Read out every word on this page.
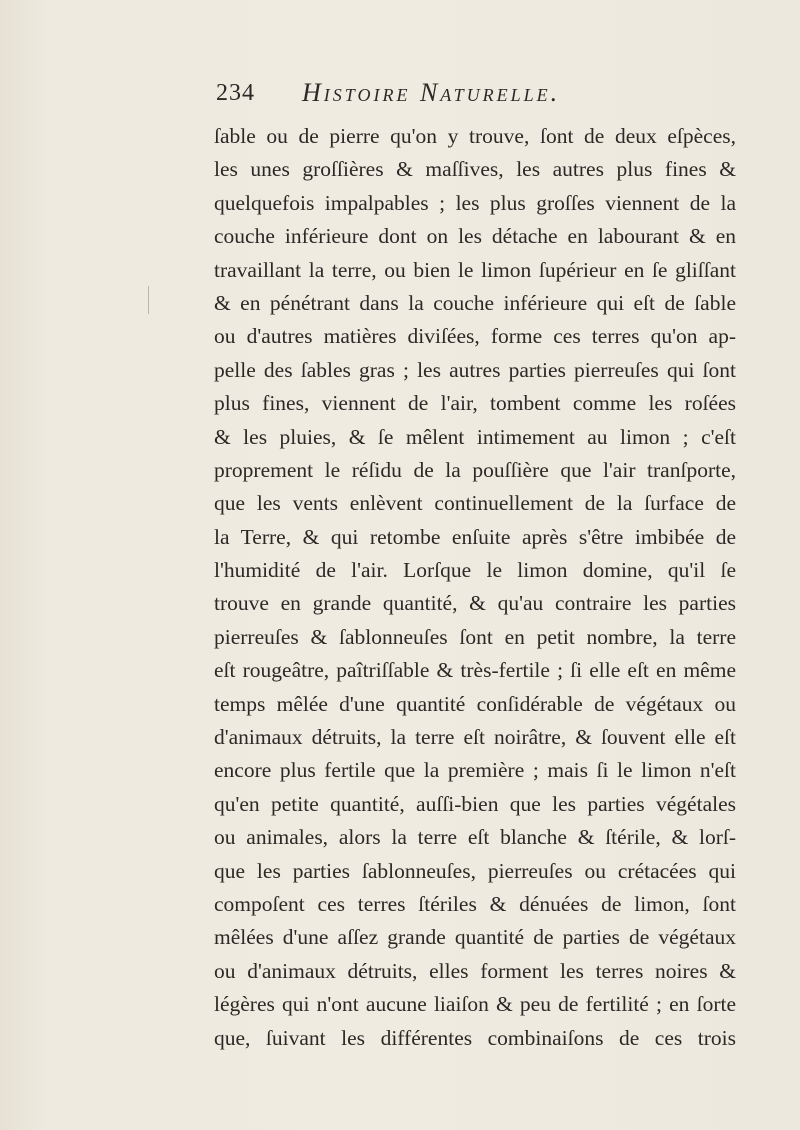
234 Histoire Naturelle.
ſable ou de pierre qu'on y trouve, ſont de deux eſpèces,
les unes groſſières & maſſives, les autres plus fines &
quelquefois impalpables ; les plus groſſes viennent de la
couche inférieure dont on les détache en labourant & en
travaillant la terre, ou bien le limon ſupérieur en ſe gliſſant
& en pénétrant dans la couche inférieure qui eſt de ſable
ou d'autres matières diviſées, forme ces terres qu'on ap-
pelle des ſables gras ; les autres parties pierreuſes qui ſont
plus fines, viennent de l'air, tombent comme les roſées
& les pluies, & ſe mêlent intimement au limon ; c'eſt
proprement le réſidu de la pouſſière que l'air tranſporte,
que les vents enlèvent continuellement de la ſurface de
la Terre, & qui retombe enſuite après s'être imbibée de
l'humidité de l'air. Lorſque le limon domine, qu'il ſe
trouve en grande quantité, & qu'au contraire les parties
pierreuſes & ſablonneuſes ſont en petit nombre, la terre
eſt rougeâtre, paîtriſſable & très-fertile ; ſi elle eſt en même
temps mêlée d'une quantité conſidérable de végétaux ou
d'animaux détruits, la terre eſt noirâtre, & ſouvent elle eſt
encore plus fertile que la première ; mais ſi le limon n'eſt
qu'en petite quantité, auſſi-bien que les parties végétales
ou animales, alors la terre eſt blanche & ſtérile, & lorſ-
que les parties ſablonneuſes, pierreuſes ou crétacées qui
compoſent ces terres ſtériles & dénuées de limon, ſont
mêlées d'une aſſez grande quantité de parties de végétaux
ou d'animaux détruits, elles forment les terres noires &
légères qui n'ont aucune liaiſon & peu de fertilité ; en ſorte
que, ſuivant les différentes combinaiſons de ces trois
